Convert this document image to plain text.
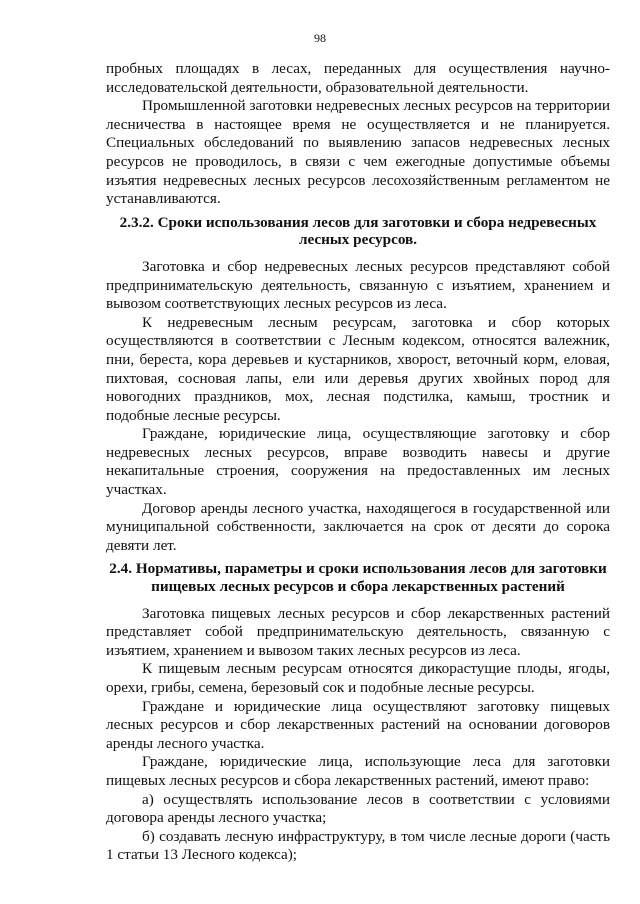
98

пробных площадях в лесах, переданных для осуществления научно-исследовательской деятельности, образовательной деятельности.

Промышленной заготовки недревесных лесных ресурсов на территории лесничества в настоящее время не осуществляется и не планируется. Специальных обследований по выявлению запасов недревесных лесных ресурсов не проводилось, в связи с чем ежегодные допустимые объемы изъятия недревесных лесных ресурсов лесохозяйственным регламентом не устанавливаются.

2.3.2. Сроки использования лесов для заготовки и сбора недревесных лесных ресурсов.

Заготовка и сбор недревесных лесных ресурсов представляют собой предпринимательскую деятельность, связанную с изъятием, хранением и вывозом соответствующих лесных ресурсов из леса.

К недревесным лесным ресурсам, заготовка и сбор которых осуществляются в соответствии с Лесным кодексом, относятся валежник, пни, береста, кора деревьев и кустарников, хворост, веточный корм, еловая, пихтовая, сосновая лапы, ели или деревья других хвойных пород для новогодних праздников, мох, лесная подстилка, камыш, тростник и подобные лесные ресурсы.

Граждане, юридические лица, осуществляющие заготовку и сбор недревесных лесных ресурсов, вправе возводить навесы и другие некапитальные строения, сооружения на предоставленных им лесных участках.

Договор аренды лесного участка, находящегося в государственной или муниципальной собственности, заключается на срок от десяти до сорока девяти лет.

2.4. Нормативы, параметры и сроки использования лесов для заготовки пищевых лесных ресурсов и сбора лекарственных растений

Заготовка пищевых лесных ресурсов и сбор лекарственных растений представляет собой предпринимательскую деятельность, связанную с изъятием, хранением и вывозом таких лесных ресурсов из леса.

К пищевым лесным ресурсам относятся дикорастущие плоды, ягоды, орехи, грибы, семена, березовый сок и подобные лесные ресурсы.

Граждане и юридические лица осуществляют заготовку пищевых лесных ресурсов и сбор лекарственных растений на основании договоров аренды лесного участка.

Граждане, юридические лица, использующие леса для заготовки пищевых лесных ресурсов и сбора лекарственных растений, имеют право:

а) осуществлять использование лесов в соответствии с условиями договора аренды лесного участка;

б) создавать лесную инфраструктуру, в том числе лесные дороги (часть 1 статьи 13 Лесного кодекса);
